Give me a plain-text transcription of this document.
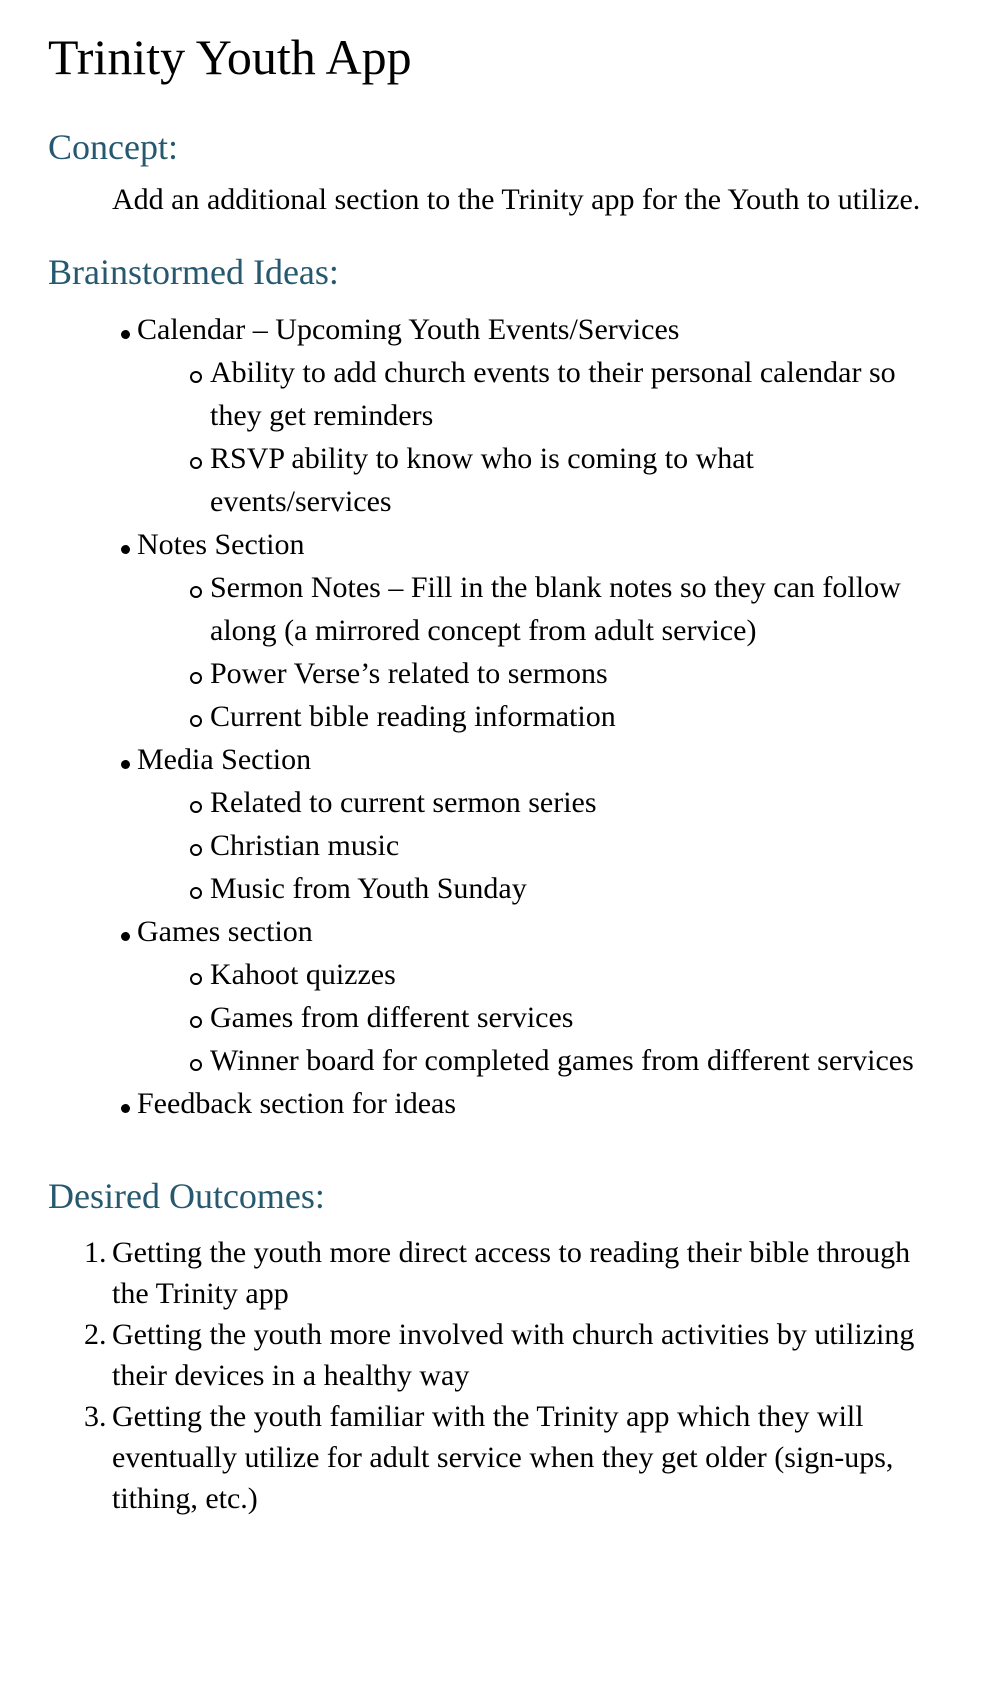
Trinity Youth App
Concept:

Add an additional section to the Trinity app for the Youth to utilize.

Brainstormed Ideas:
Calendar – Upcoming Youth Events/Services
Ability to add church events to their personal calendar so they get reminders
RSVP ability to know who is coming to what events/services
Notes Section
Sermon Notes – Fill in the blank notes so they can follow along (a mirrored concept from adult service)
Power Verse’s related to sermons
Current bible reading information
Media Section
Related to current sermon series
Christian music
Music from Youth Sunday
Games section
Kahoot quizzes
Games from different services
Winner board for completed games from different services
Feedback section for ideas
Desired Outcomes:
1. Getting the youth more direct access to reading their bible through the Trinity app
2. Getting the youth more involved with church activities by utilizing their devices in a healthy way
3. Getting the youth familiar with the Trinity app which they will eventually utilize for adult service when they get older (sign-ups, tithing, etc.)
